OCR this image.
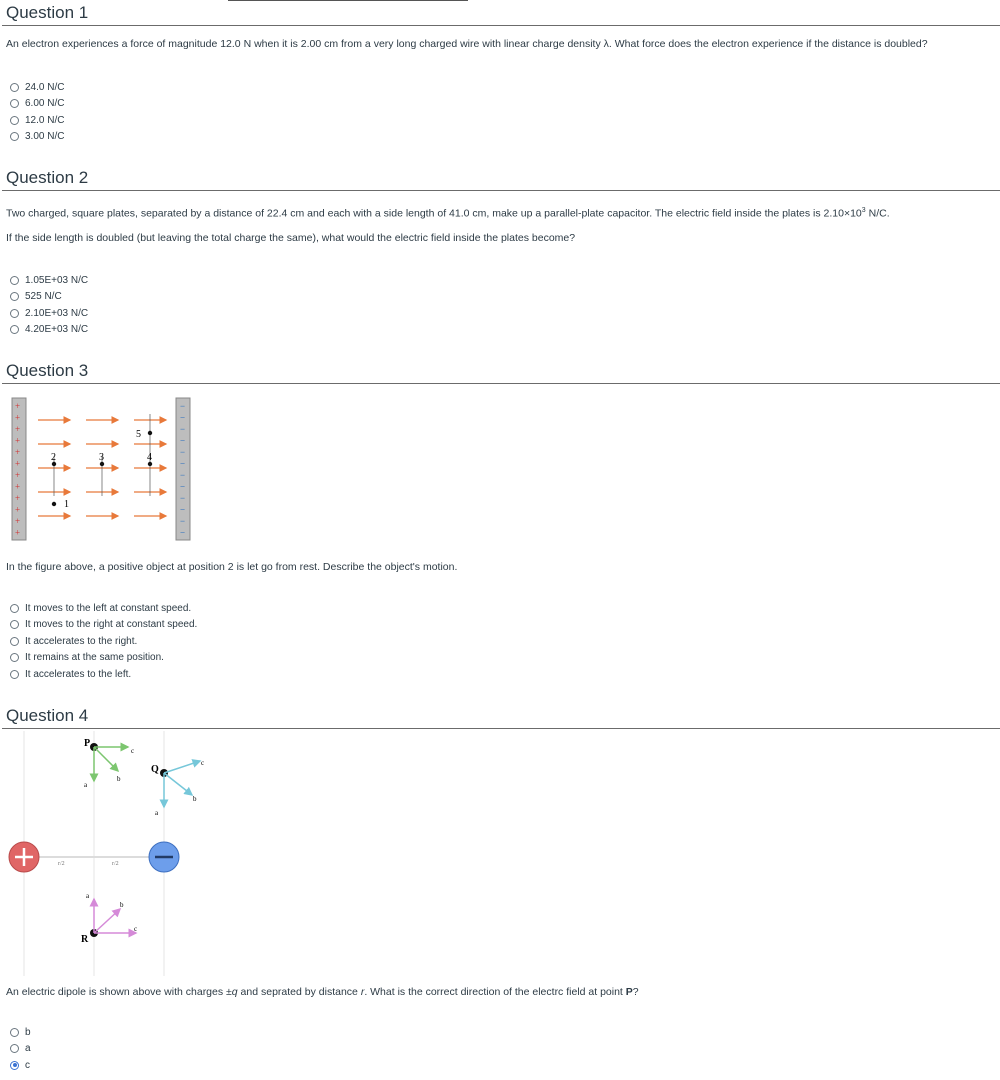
Question 1
An electron experiences a force of magnitude 12.0 N when it is 2.00 cm from a very long charged wire with linear charge density λ. What force does the electron experience if the distance is doubled?
24.0 N/C
6.00 N/C
12.0 N/C
3.00 N/C
Question 2
Two charged, square plates, separated by a distance of 22.4 cm and each with a side length of 41.0 cm, make up a parallel-plate capacitor. The electric field inside the plates is $2.10\times 10^3$ N/C.
If the side length is doubled (but leaving the total charge the same), what would the electric field inside the plates become?
1.05E+03 N/C
525 N/C
2.10E+03 N/C
4.20E+03 N/C
Question 3
+
+
+
+
+
+
+
+
+
+
+
+
−
−
−
−
−
−
−
−
−
−
−
−
1
2	3	4
5
In the figure above, a positive object at position 2 is let go from rest. Describe the object's motion.
It moves to the left at constant speed.
It moves to the right at constant speed.
It accelerates to the right.
It remains at the same position.
It accelerates to the left.
Question 4
r/2	r/2
P
a
b
c
Q
a
b
c
R
a
b
c
An electric dipole is shown above with charges ±q and seprated by distance r. What is the correct direction of the electrc field at point P?
b
a
c
